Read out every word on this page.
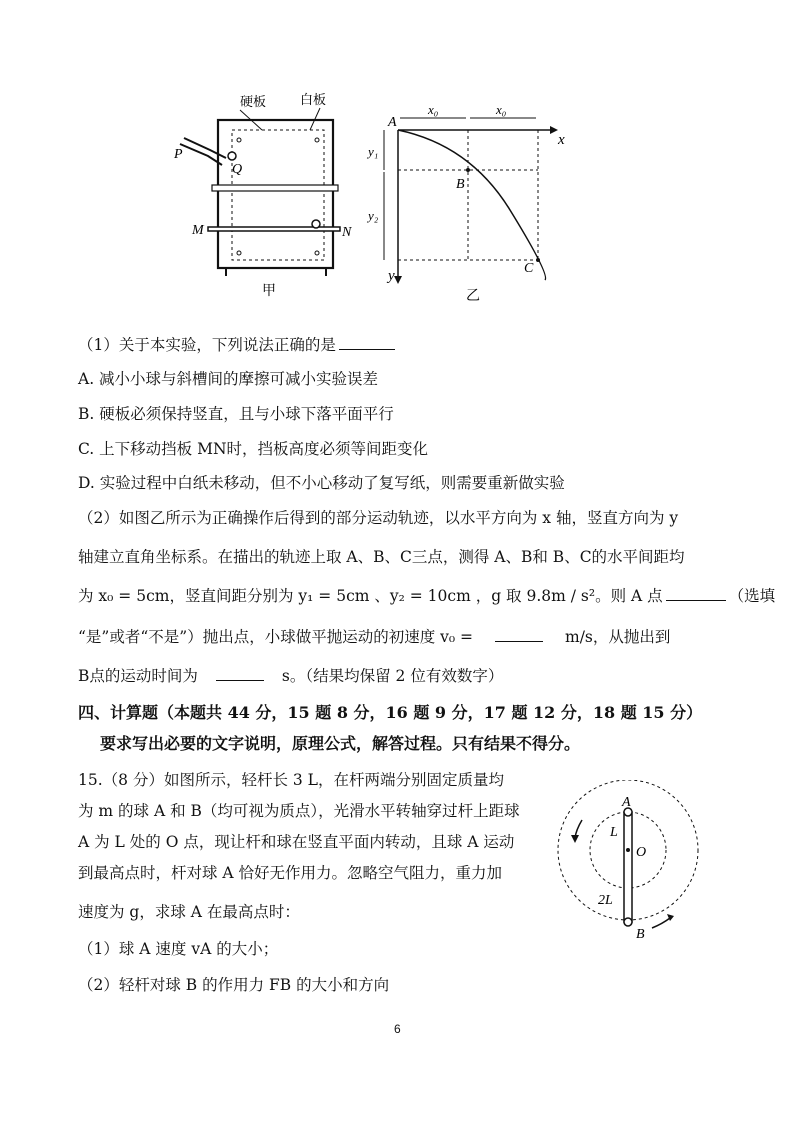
硬板	白板
P
Q
M	N
甲
A
B
C
x
y
x₀	x₀
y₁
y₂
乙
（1）关于本实验，下列说法正确的是
A. 减小小球与斜槽间的摩擦可减小实验误差
B. 硬板必须保持竖直，且与小球下落平面平行
C. 上下移动挡板 MN时，挡板高度必须等间距变化
D. 实验过程中白纸未移动，但不小心移动了复写纸，则需要重新做实验
（2）如图乙所示为正确操作后得到的部分运动轨迹，以水平方向为 x 轴，竖直方向为 y
轴建立直角坐标系。在描出的轨迹上取 A、B、C三点，测得 A、B和 B、C的水平间距均
为 x₀ = 5cm，竖直间距分别为 y₁ = 5cm 、y₂ = 10cm ，g 取 9.8m / s²。则 A 点	（选填
“是”或者“不是”）抛出点，小球做平抛运动的初速度 v₀ =	m/s，从抛出到
B点的运动时间为	s。（结果均保留 2 位有效数字）
四、计算题（本题共 44 分，15 题 8 分，16 题 9 分，17 题 12 分，18 题 15 分）
要求写出必要的文字说明，原理公式，解答过程。只有结果不得分。
15.（8 分）如图所示，轻杆长 3 L，在杆两端分别固定质量均
为 m 的球 A 和 B（均可视为质点），光滑水平转轴穿过杆上距球
A 为 L 处的 O 点，现让杆和球在竖直平面内转动，且球 A 运动
到最高点时，杆对球 A 恰好无作用力。忽略空气阻力，重力加
速度为 g，求球 A 在最高点时：
（1）球 A 速度 vA 的大小；
（2）轻杆对球 B 的作用力 FB 的大小和方向
A
B
O
L
2L
6
